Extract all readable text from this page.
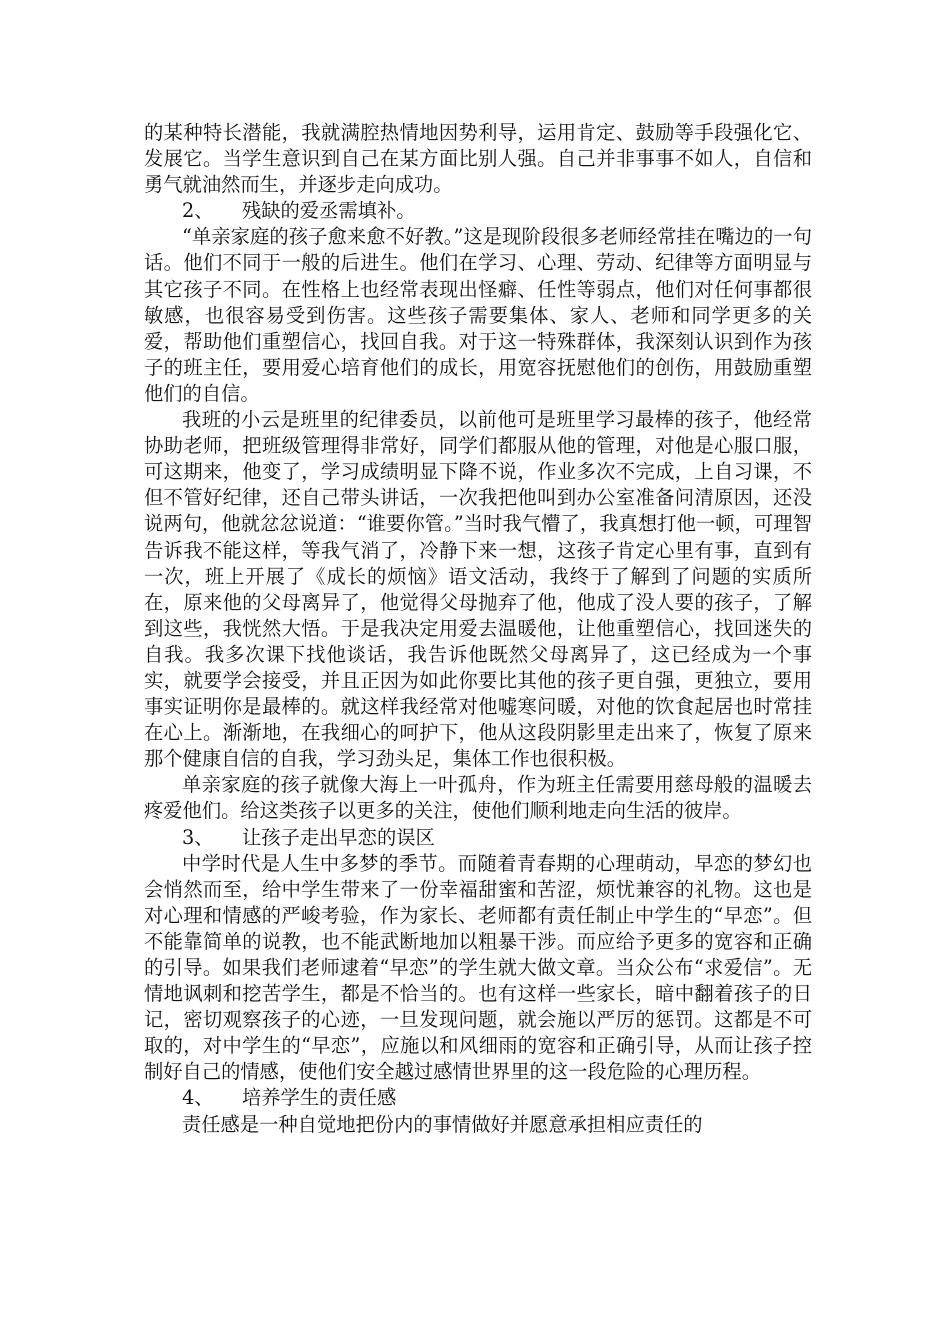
的某种特长潜能，我就满腔热情地因势利导，运用肯定、鼓励等手段强化它、发展它。当学生意识到自己在某方面比别人强。自己并非事事不如人，自信和勇气就油然而生，并逐步走向成功。

2、 残缺的爱丞需填补。

“单亲家庭的孩子愈来愈不好教。”这是现阶段很多老师经常挂在嘴边的一句话。他们不同于一般的后进生。他们在学习、心理、劳动、纪律等方面明显与其它孩子不同。在性格上也经常表现出怪癖、任性等弱点，他们对任何事都很敏感，也很容易受到伤害。这些孩子需要集体、家人、老师和同学更多的关爱，帮助他们重塑信心，找回自我。对于这一特殊群体，我深刻认识到作为孩子的班主任，要用爱心培育他们的成长，用宽容抚慰他们的创伤，用鼓励重塑他们的自信。

我班的小云是班里的纪律委员，以前他可是班里学习最棒的孩子，他经常协助老师，把班级管理得非常好，同学们都服从他的管理，对他是心服口服，可这期来，他变了，学习成绩明显下降不说，作业多次不完成，上自习课，不但不管好纪律，还自己带头讲话，一次我把他叫到办公室准备问清原因，还没说两句，他就忿忿说道：“谁要你管。”当时我气懵了，我真想打他一顿，可理智告诉我不能这样，等我气消了，冷静下来一想，这孩子肯定心里有事，直到有一次，班上开展了《成长的烦恼》语文活动，我终于了解到了问题的实质所在，原来他的父母离异了，他觉得父母抛弃了他，他成了没人要的孩子，了解到这些，我恍然大悟。于是我决定用爱去温暖他，让他重塑信心，找回迷失的自我。我多次课下找他谈话，我告诉他既然父母离异了，这已经成为一个事实，就要学会接受，并且正因为如此你要比其他的孩子更自强，更独立，要用事实证明你是最棒的。就这样我经常对他嘘寒问暖，对他的饮食起居也时常挂在心上。渐渐地，在我细心的呵护下，他从这段阴影里走出来了，恢复了原来那个健康自信的自我，学习劲头足，集体工作也很积极。

单亲家庭的孩子就像大海上一叶孤舟，作为班主任需要用慈母般的温暖去疼爱他们。给这类孩子以更多的关注，使他们顺利地走向生活的彼岸。

3、 让孩子走出早恋的误区

中学时代是人生中多梦的季节。而随着青春期的心理萌动，早恋的梦幻也会悄然而至，给中学生带来了一份幸福甜蜜和苦涩，烦忧兼容的礼物。这也是对心理和情感的严峻考验，作为家长、老师都有责任制止中学生的“早恋”。但不能靠简单的说教，也不能武断地加以粗暴干涉。而应给予更多的宽容和正确的引导。如果我们老师逮着“早恋”的学生就大做文章。当众公布“求爱信”。无情地讽刺和挖苦学生，都是不恰当的。也有这样一些家长，暗中翻着孩子的日记，密切观察孩子的心迹，一旦发现问题，就会施以严厉的惩罚。这都是不可取的，对中学生的“早恋”，应施以和风细雨的宽容和正确引导，从而让孩子控制好自己的情感，使他们安全越过感情世界里的这一段危险的心理历程。

4、 培养学生的责任感

责任感是一种自觉地把份内的事情做好并愿意承担相应责任的
